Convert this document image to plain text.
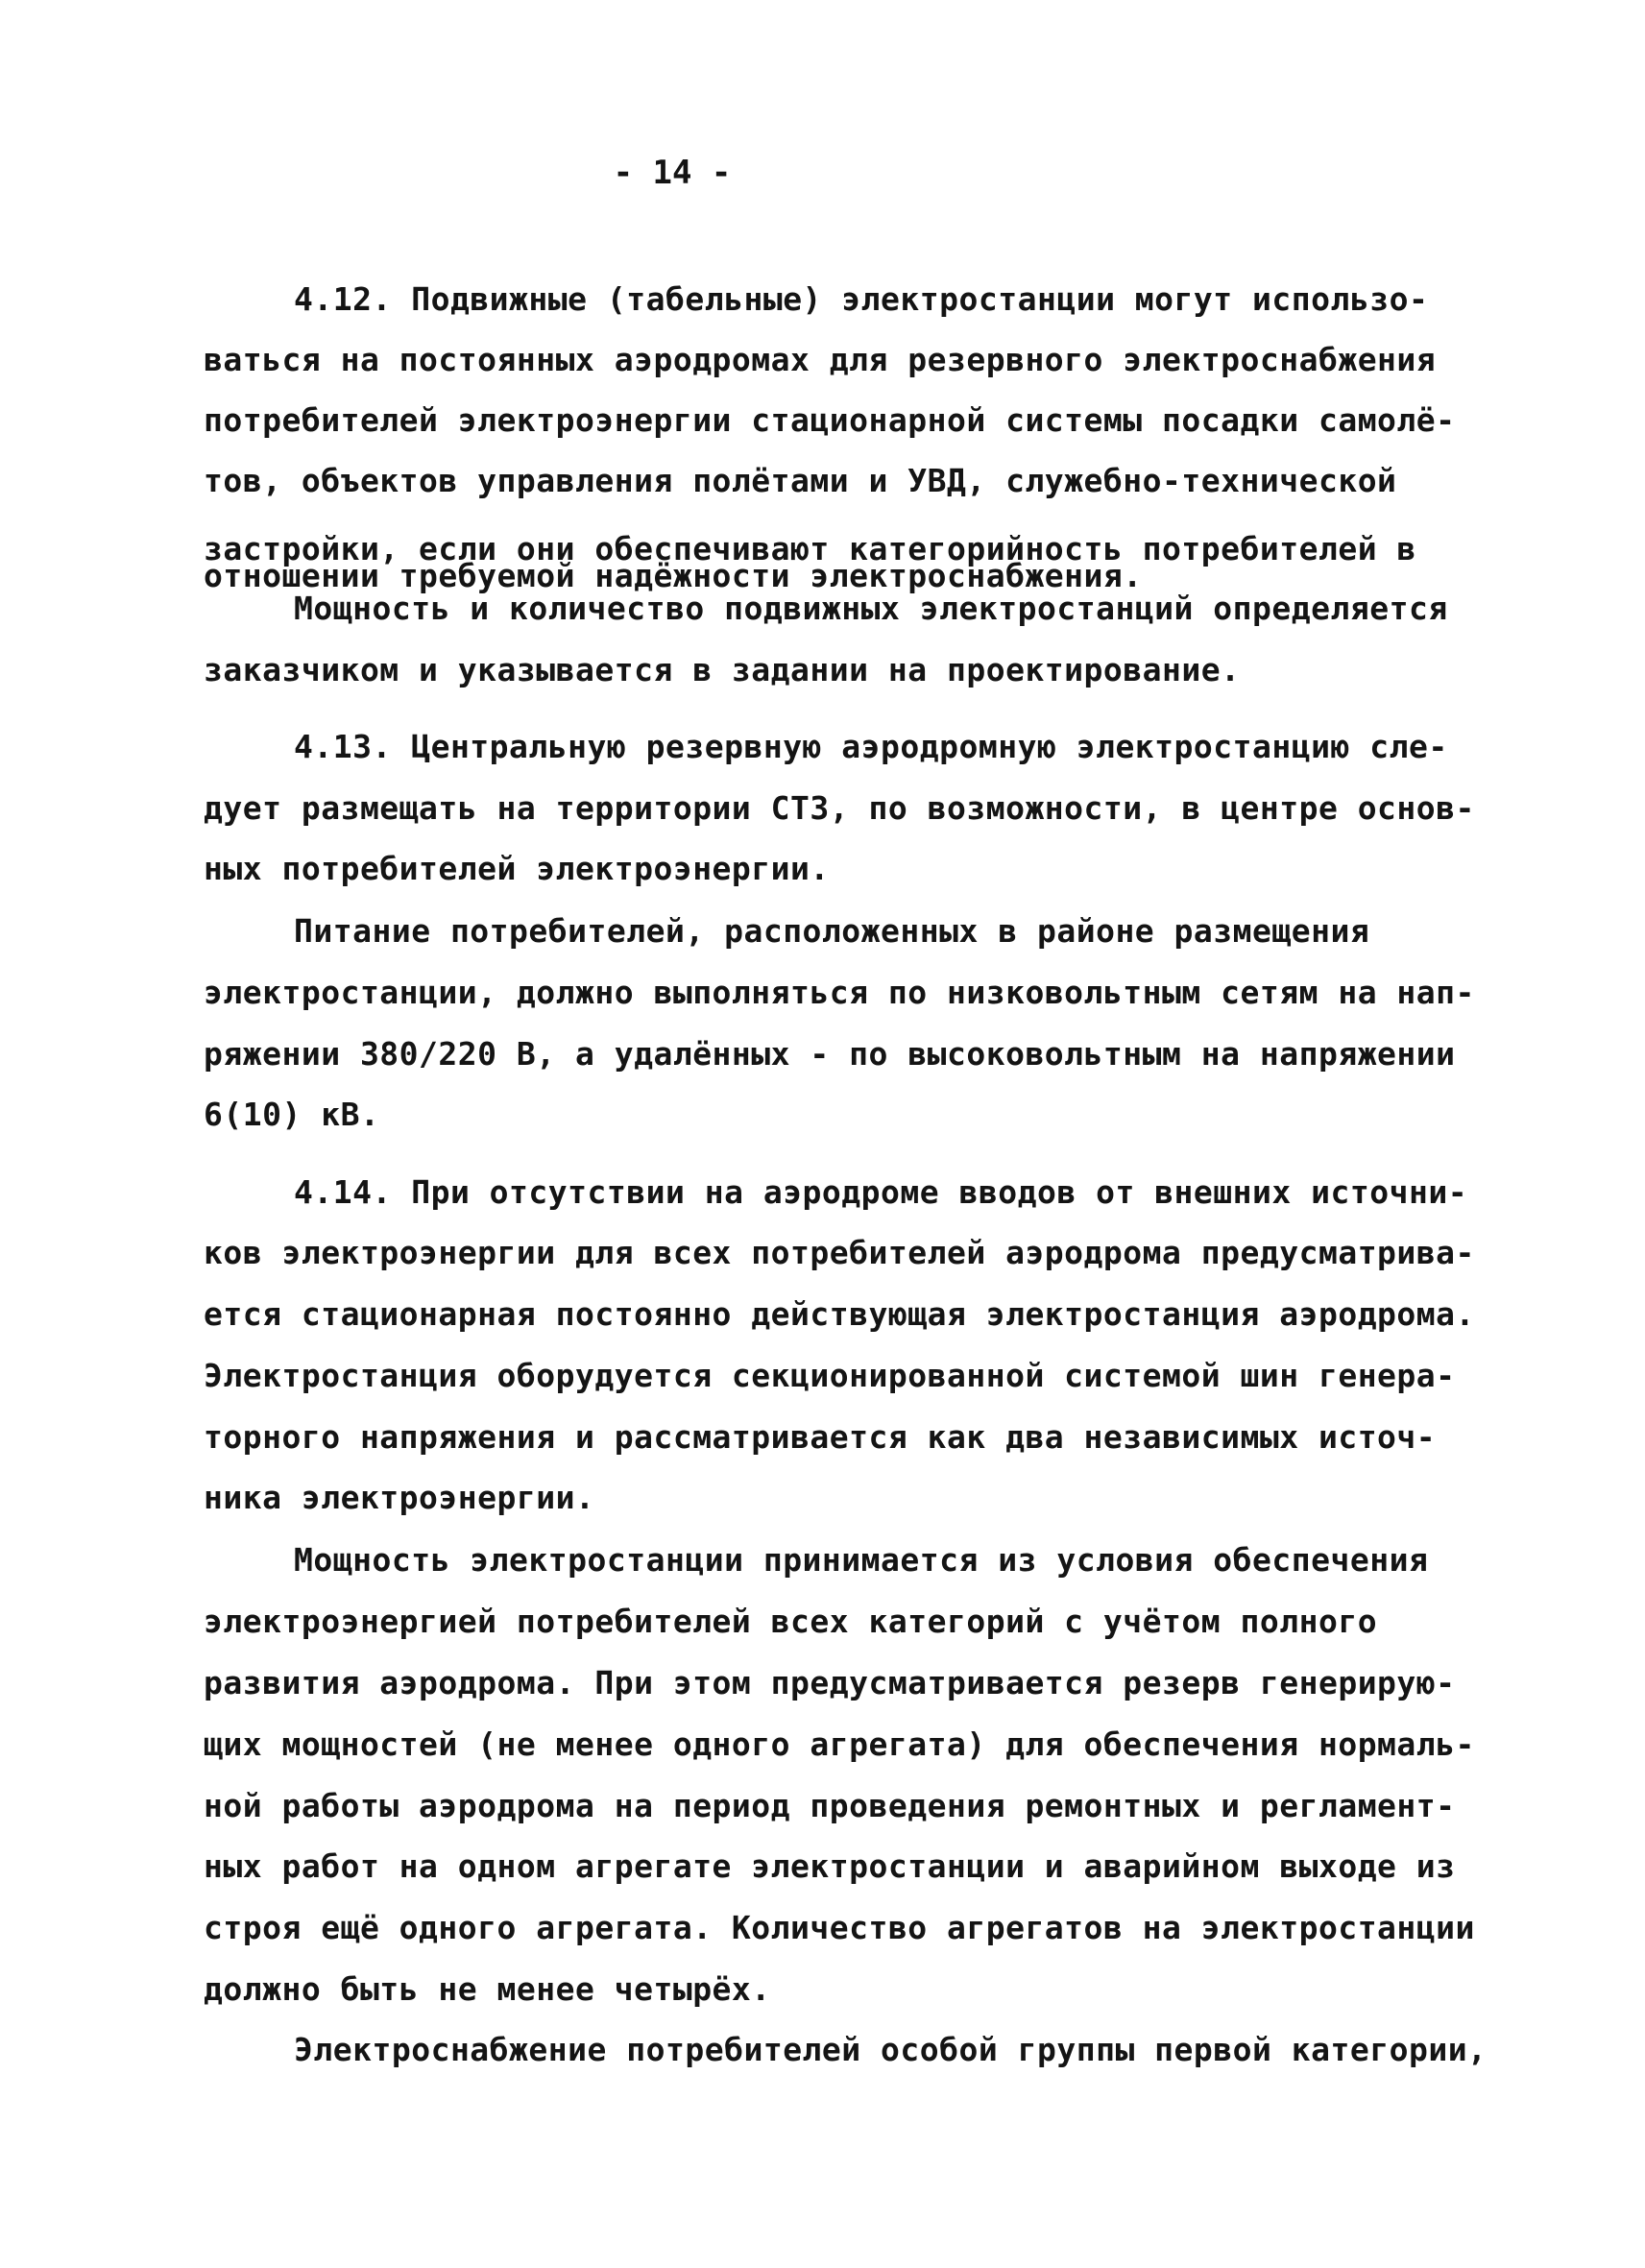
- 14 -
4.12. Подвижные (табельные) электростанции могут использо-
ваться на постоянных аэродромах для резервного электроснабжения
потребителей электроэнергии стационарной системы посадки самолё-
тов, объектов управления полётами и УВД, служебно-технической
застройки, если они обеспечивают категорийность потребителей в
отношении требуемой надёжности электроснабжения.
Мощность и количество подвижных электростанций определяется
заказчиком и указывается в задании на проектирование.
4.13. Центральную резервную аэродромную электростанцию сле-
дует размещать на территории СТЗ, по возможности, в центре основ-
ных потребителей электроэнергии.
Питание потребителей, расположенных в районе размещения
электростанции, должно выполняться по низковольтным сетям на нап-
ряжении 380/220 В, а удалённых - по высоковольтным на напряжении
6(10) кВ.
4.14. При отсутствии на аэродроме вводов от внешних источни-
ков электроэнергии для всех потребителей аэродрома предусматрива-
ется стационарная постоянно действующая электростанция аэродрома.
Электростанция оборудуется секционированной системой шин генера-
торного напряжения и рассматривается как два независимых источ-
ника электроэнергии.
Мощность электростанции принимается из условия обеспечения
электроэнергией потребителей всех категорий с учётом полного
развития аэродрома. При этом предусматривается резерв генерирую-
щих мощностей (не менее одного агрегата) для обеспечения нормаль-
ной работы аэродрома на период проведения ремонтных и регламент-
ных работ на одном агрегате электростанции и аварийном выходе из
строя ещё одного агрегата. Количество агрегатов на электростанции
должно быть не менее четырёх.
Электроснабжение потребителей особой группы первой категории,
